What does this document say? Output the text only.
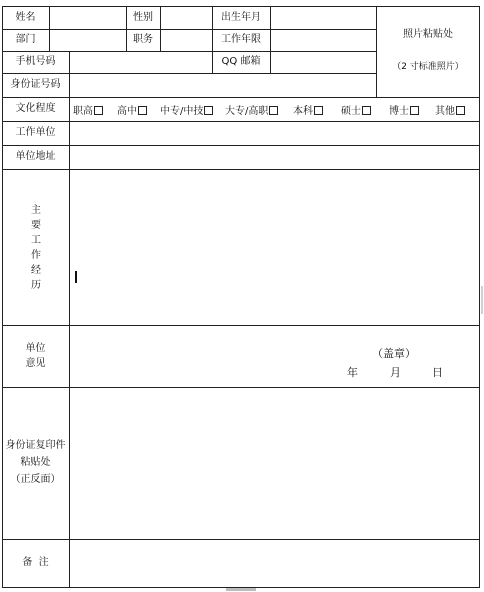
姓名	性别	出生年月
部门	职务	工作年限	照片粘贴处
（2 寸标准照片）
手机号码	QQ 邮箱
身份证号码
文化程度	职高	高中	中专/中技	大专/高职	本科	硕士	博士	其他
工作单位
单位地址
主要工作经历
单位
意见
（盖章）
年	月	日
身份证复印件
粘贴处
（正反面）
备  注
